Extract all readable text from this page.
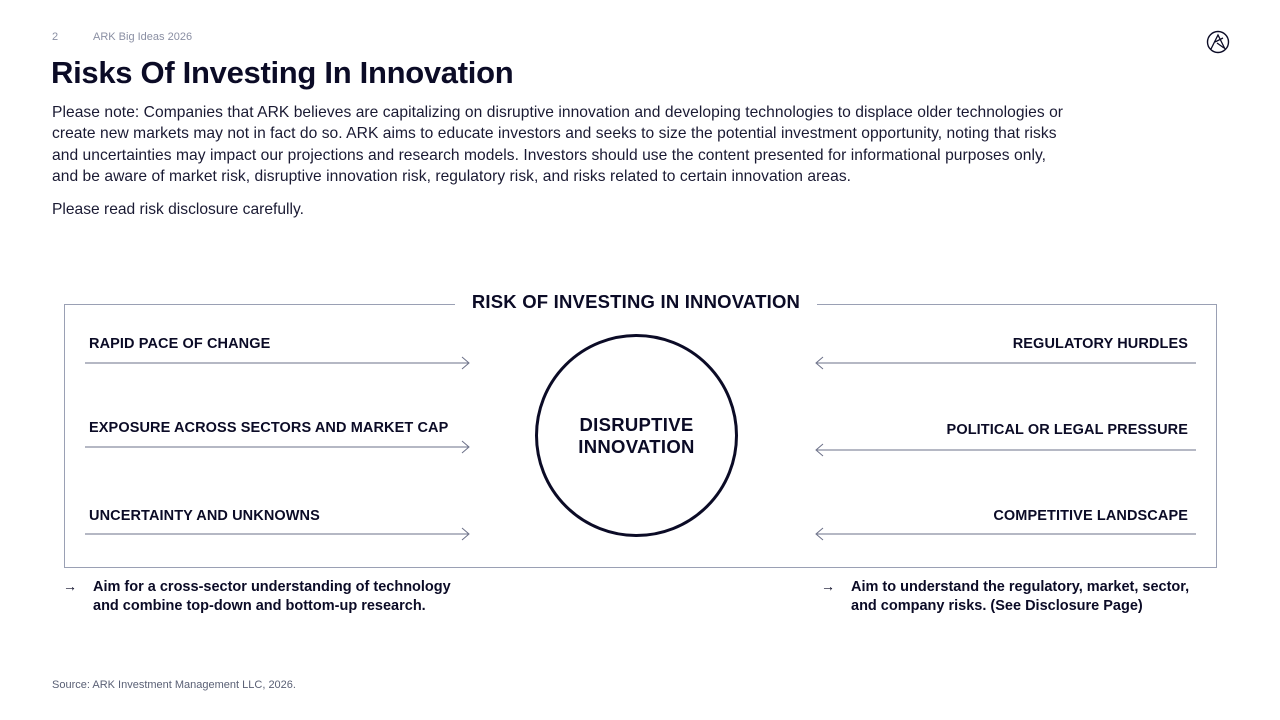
2	ARK Big Ideas 2026
Risks Of Investing In Innovation
Please note: Companies that ARK believes are capitalizing on disruptive innovation and developing technologies to displace older technologies or
create new markets may not in fact do so. ARK aims to educate investors and seeks to size the potential investment opportunity, noting that risks
and uncertainties may impact our projections and research models. Investors should use the content presented for informational purposes only,
and be aware of market risk, disruptive innovation risk, regulatory risk, and risks related to certain innovation areas.
Please read risk disclosure carefully.
RISK OF INVESTING IN INNOVATION
RAPID PACE OF CHANGE
EXPOSURE ACROSS SECTORS AND MARKET CAP
UNCERTAINTY AND UNKNOWNS
REGULATORY HURDLES
POLITICAL OR LEGAL PRESSURE
COMPETITIVE LANDSCAPE
DISRUPTIVE
INNOVATION
→ Aim for a cross-sector understanding of technology
and combine top-down and bottom-up research.
→ Aim to understand the regulatory, market, sector,
and company risks. (See Disclosure Page)
Source: ARK Investment Management LLC, 2026.
